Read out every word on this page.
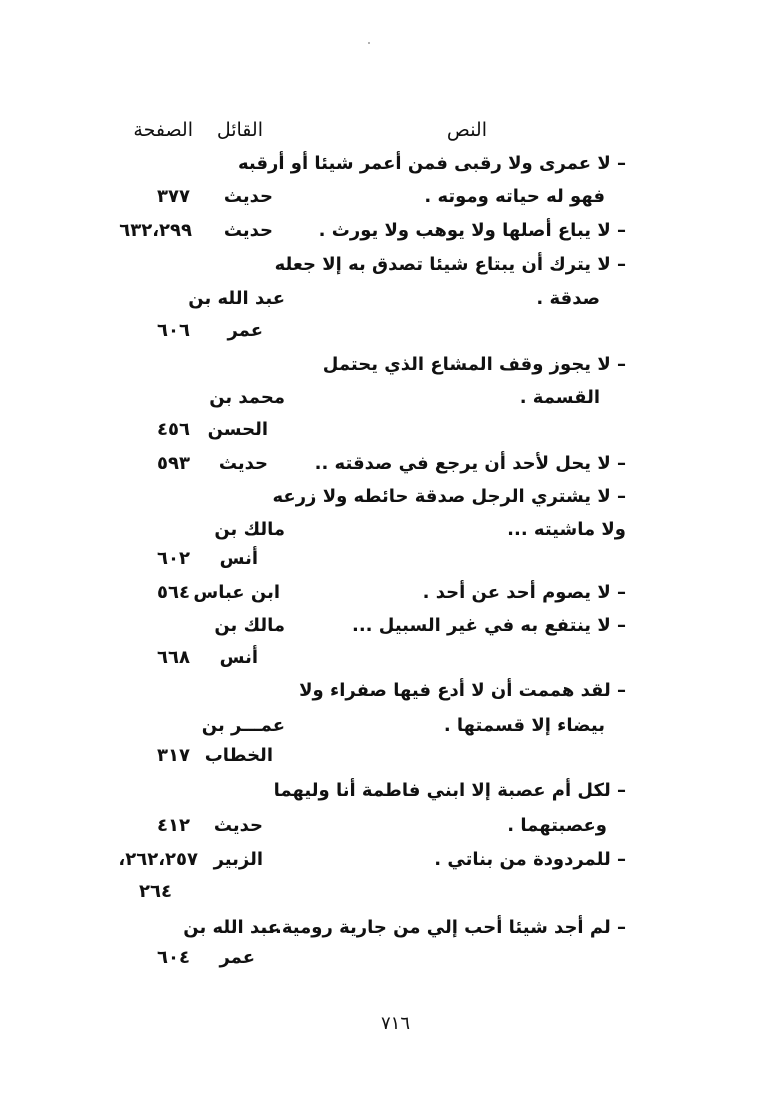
النص
القائل
الصفحة
– لا عمرى ولا رقبى فمن أعمر شيئا أو أرقبه
فهو له حياته وموته .
حديث
٣٧٧
– لا يباع أصلها ولا يوهب ولا يورث .
حديث
٦٣٢،٢٩٩
– لا يترك أن يبتاع شيئا تصدق به إلا جعله
صدقة .
عبد الله بن
عمر
٦٠٦
– لا يجوز وقف المشاع الذي يحتمل
القسمة .
محمد بن
الحسن
٤٥٦
– لا يحل لأحد أن يرجع في صدقته ..
حديث
٥٩٣
– لا يشتري الرجل صدقة حائطه ولا زرعه
ولا ماشيته ...
مالك بن
أنس
٦٠٢
– لا يصوم أحد عن أحد .
ابن عباس
٥٦٤
– لا ينتفع به في غير السبيل ...
مالك بن
أنس
٦٦٨
– لقد هممت أن لا أدع فيها صفراء ولا
بيضاء إلا قسمتها .
عمـــر بن
الخطاب
٣١٧
– لكل أم عصبة إلا ابني فاطمة أنا وليهما
وعصبتهما .
حديث
٤١٢
– للمردودة من بناتي .
الزبير
٢٦٢،٢٥٧،
٢٦٤
– لم أجد شيئا أحب إلي من جارية رومية...
عبد الله بن
عمر
٦٠٤
٧١٦
